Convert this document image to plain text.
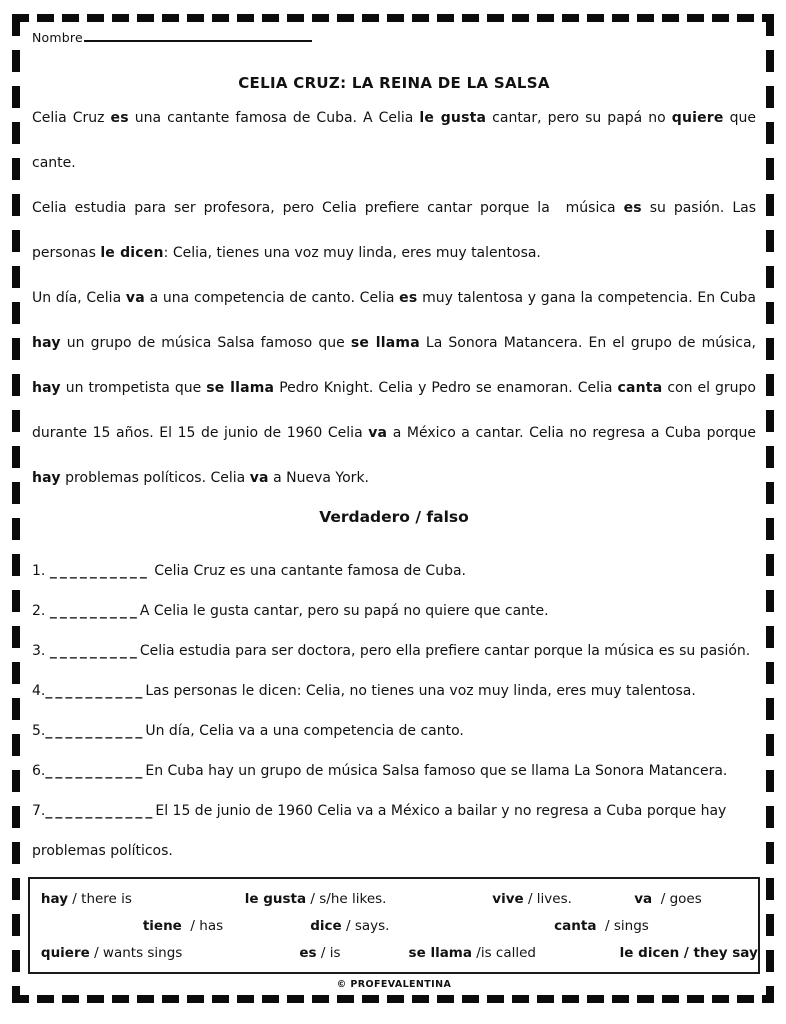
Nombre
CELIA CRUZ: LA REINA DE LA SALSA

Celia Cruz es una cantante famosa de Cuba. A Celia le gusta cantar, pero su papá no quiere que cante.

Celia estudia para ser profesora, pero Celia prefiere cantar porque la  música es su pasión. Las personas le dicen: Celia, tienes una voz muy linda, eres muy talentosa.

Un día, Celia va a una competencia de canto. Celia es muy talentosa y gana la competencia. En Cuba hay un grupo de música Salsa famoso que se llama La Sonora Matancera. En el grupo de música, hay un trompetista que se llama Pedro Knight. Celia y Pedro se enamoran. Celia canta con el grupo durante 15 años. El 15 de junio de 1960 Celia va a México a cantar. Celia no regresa a Cuba porque hay problemas políticos. Celia va a Nueva York.

Verdadero / falso

1. __________ Celia Cruz es una cantante famosa de Cuba.

2. _________A Celia le gusta cantar, pero su papá no quiere que cante.

3. _________Celia estudia para ser doctora, pero ella prefiere cantar porque la música es su pasión.

4.__________Las personas le dicen: Celia, no tienes una voz muy linda, eres muy talentosa.

5.__________Un día, Celia va a una competencia de canto.

6.__________En Cuba hay un grupo de música Salsa famoso que se llama La Sonora Matancera.

7.___________El 15 de junio de 1960 Celia va a México a bailar y no regresa a Cuba porque hay problemas políticos.

hay / there is	le gusta / s/he likes.	vive / lives.	va  / goes
tiene  / has	dice / says.	canta  / sings
quiere / wants sings	es / is	se llama /is called	le dicen / they say
© PROFEVALENTINA
